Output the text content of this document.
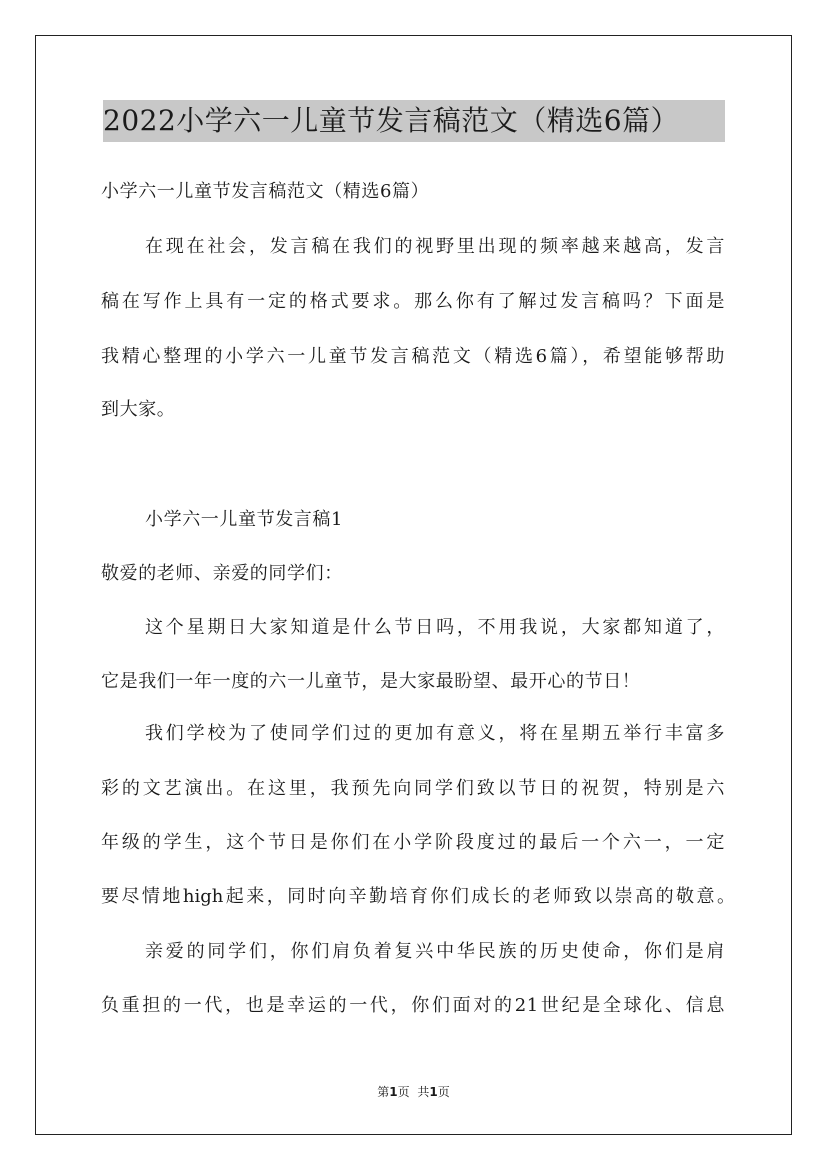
2022小学六一儿童节发言稿范文（精选6篇）
小学六一儿童节发言稿范文（精选6篇）
在现在社会，发言稿在我们的视野里出现的频率越来越高，发言
稿在写作上具有一定的格式要求。那么你有了解过发言稿吗？下面是
我精心整理的小学六一儿童节发言稿范文（精选6篇），希望能够帮助
到大家。
小学六一儿童节发言稿1
敬爱的老师、亲爱的同学们：
这个星期日大家知道是什么节日吗，不用我说，大家都知道了，
它是我们一年一度的六一儿童节，是大家最盼望、最开心的节日！
我们学校为了使同学们过的更加有意义，将在星期五举行丰富多
彩的文艺演出。在这里，我预先向同学们致以节日的祝贺，特别是六
年级的学生，这个节日是你们在小学阶段度过的最后一个六一，一定
要尽情地high起来，同时向辛勤培育你们成长的老师致以崇高的敬意。
亲爱的同学们，你们肩负着复兴中华民族的历史使命，你们是肩
负重担的一代，也是幸运的一代，你们面对的21世纪是全球化、信息
第1页 共1页
